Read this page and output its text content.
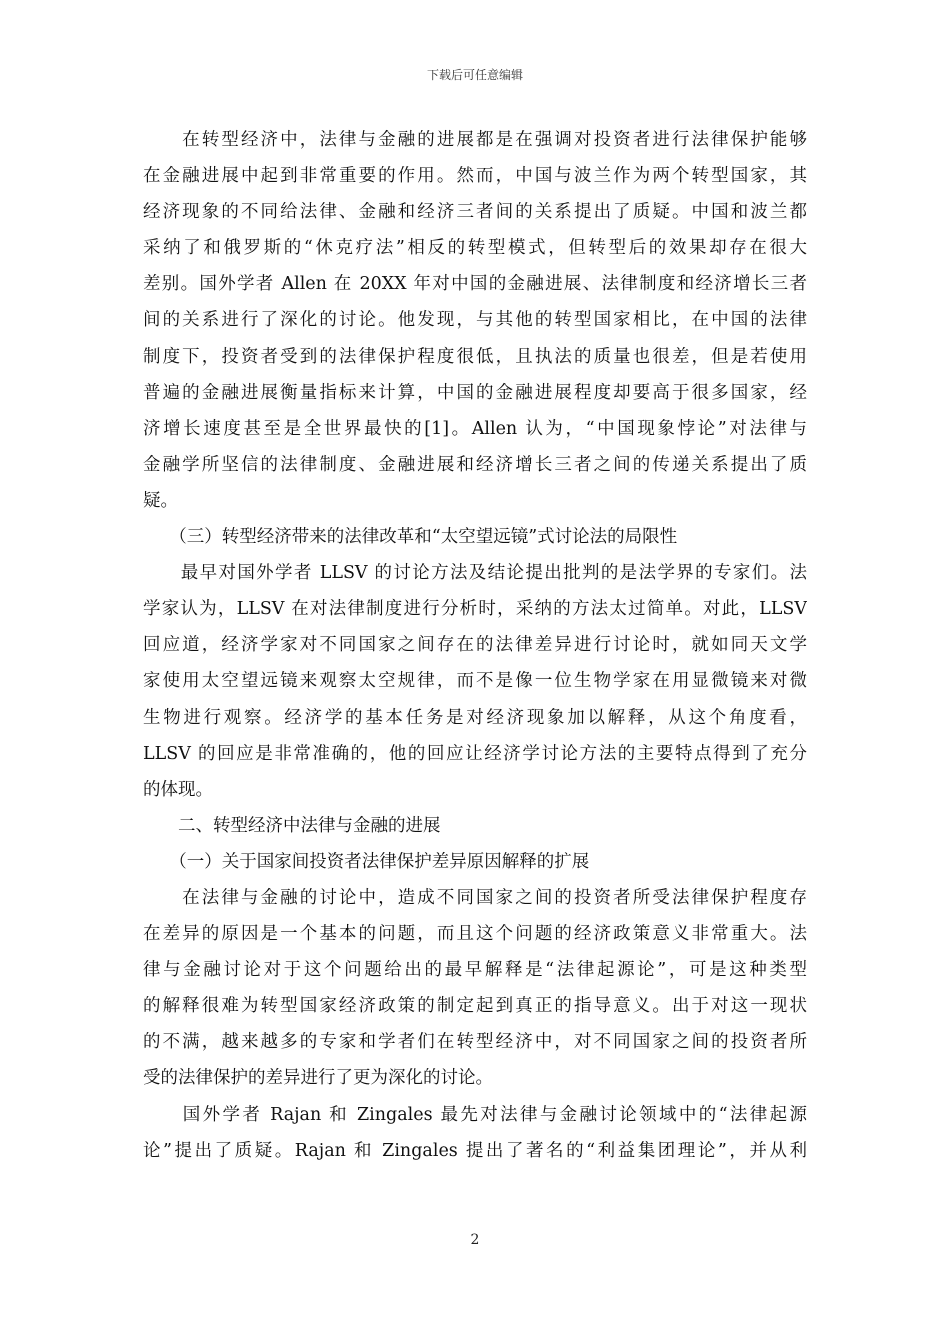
下载后可任意编辑
　　在转型经济中，法律与金融的进展都是在强调对投资者进行法律保护能够
在金融进展中起到非常重要的作用。然而，中国与波兰作为两个转型国家，其
经济现象的不同给法律、金融和经济三者间的关系提出了质疑。中国和波兰都
采纳了和俄罗斯的“休克疗法”相反的转型模式，但转型后的效果却存在很大
差别。国外学者 Allen 在 20XX 年对中国的金融进展、法律制度和经济增长三者
间的关系进行了深化的讨论。他发现，与其他的转型国家相比，在中国的法律
制度下，投资者受到的法律保护程度很低，且执法的质量也很差，但是若使用
普遍的金融进展衡量指标来计算，中国的金融进展程度却要高于很多国家，经
济增长速度甚至是全世界最快的[1]。Allen 认为，“中国现象悖论”对法律与
金融学所坚信的法律制度、金融进展和经济增长三者之间的传递关系提出了质
疑。
　　（三）转型经济带来的法律改革和“太空望远镜”式讨论法的局限性
　　最早对国外学者 LLSV 的讨论方法及结论提出批判的是法学界的专家们。法
学家认为，LLSV 在对法律制度进行分析时，采纳的方法太过简单。对此，LLSV
回应道，经济学家对不同国家之间存在的法律差异进行讨论时，就如同天文学
家使用太空望远镜来观察太空规律，而不是像一位生物学家在用显微镜来对微
生物进行观察。经济学的基本任务是对经济现象加以解释，从这个角度看，
LLSV 的回应是非常准确的，他的回应让经济学讨论方法的主要特点得到了充分
的体现。
　　二、转型经济中法律与金融的进展
　　（一）关于国家间投资者法律保护差异原因解释的扩展
　　在法律与金融的讨论中，造成不同国家之间的投资者所受法律保护程度存
在差异的原因是一个基本的问题，而且这个问题的经济政策意义非常重大。法
律与金融讨论对于这个问题给出的最早解释是“法律起源论”，可是这种类型
的解释很难为转型国家经济政策的制定起到真正的指导意义。出于对这一现状
的不满，越来越多的专家和学者们在转型经济中，对不同国家之间的投资者所
受的法律保护的差异进行了更为深化的讨论。
　　国外学者 Rajan 和 Zingales 最先对法律与金融讨论领域中的“法律起源
论”提出了质疑。Rajan 和 Zingales 提出了著名的“利益集团理论”，并从利
2
